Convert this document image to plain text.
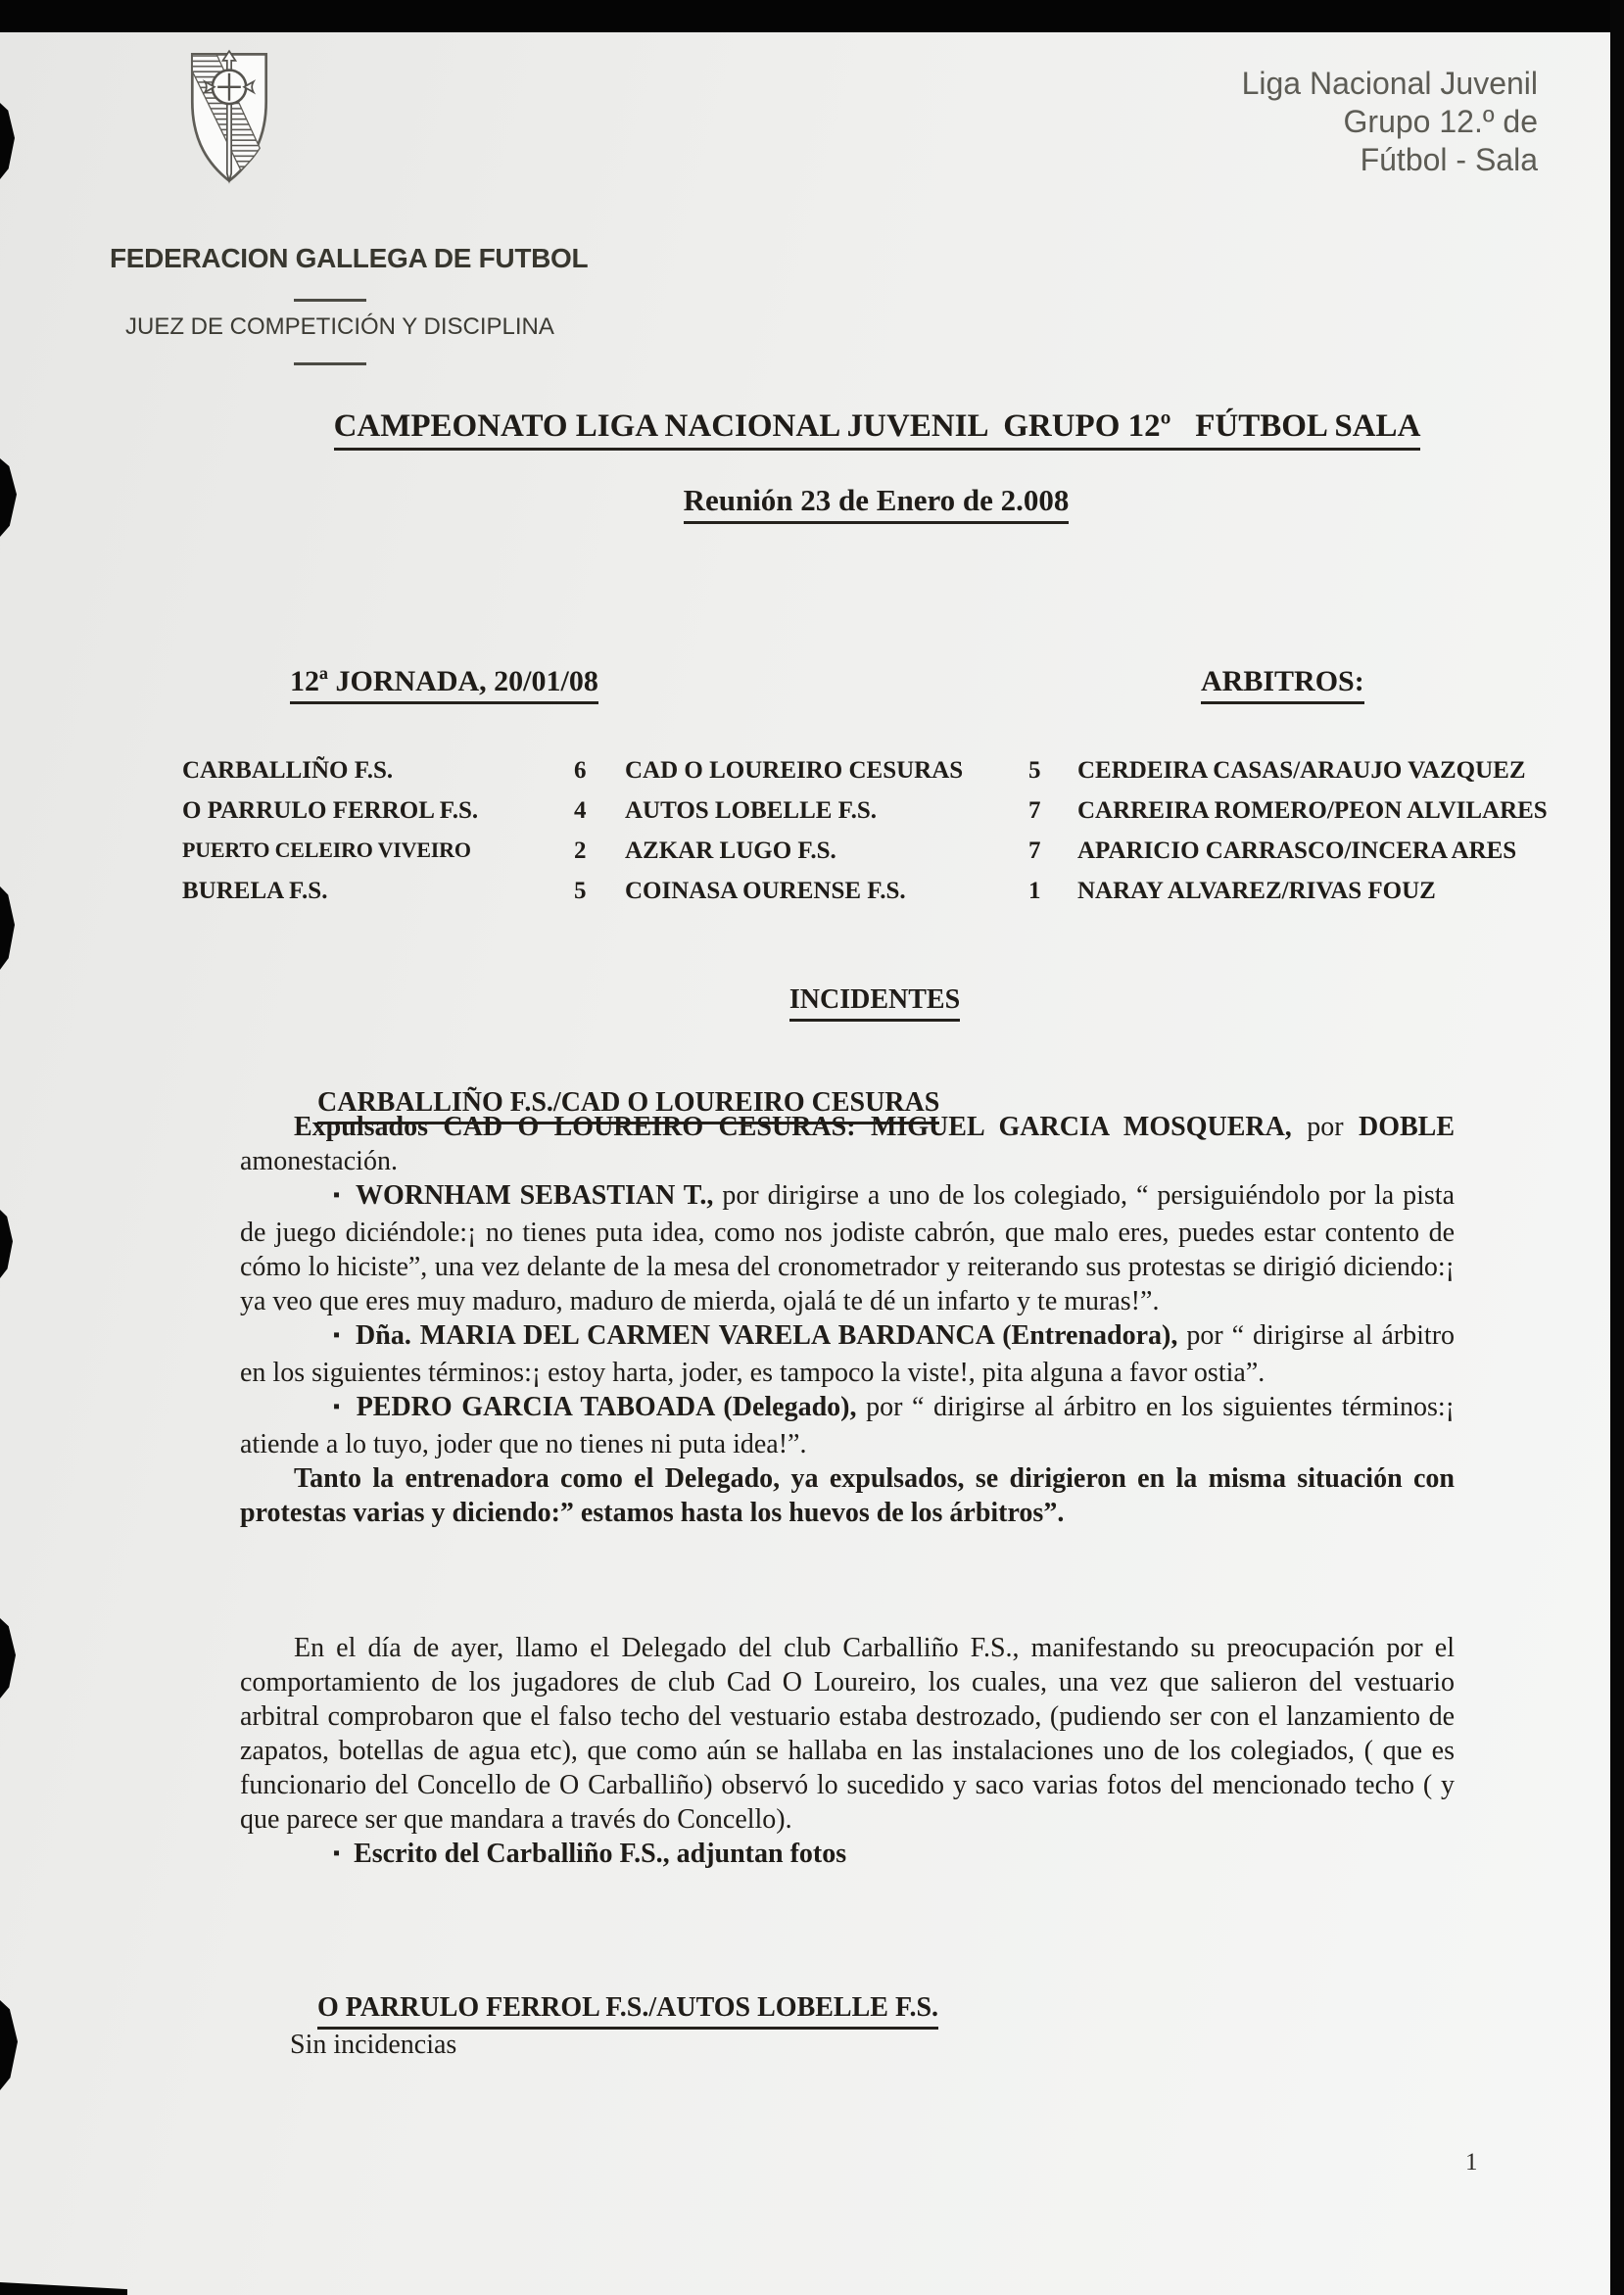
FEDERACION GALLEGA DE FUTBOL
JUEZ DE COMPETICIÓN Y DISCIPLINA
Liga Nacional Juvenil
Grupo 12.º de
Fútbol - Sala

CAMPEONATO LIGA NACIONAL JUVENIL  GRUPO 12º   FÚTBOL SALA

Reunión 23 de Enero de 2.008

12ª JORNADA, 20/01/08	ARBITROS:
CARBALLIÑO F.S.	6	CAD O LOUREIRO CESURAS	5	CERDEIRA CASAS/ARAUJO VAZQUEZ
O PARRULO FERROL F.S.	4	AUTOS LOBELLE F.S.	7	CARREIRA ROMERO/PEON ALVILARES
PUERTO CELEIRO VIVEIRO	2	AZKAR LUGO F.S.	7	APARICIO CARRASCO/INCERA ARES
BURELA F.S.	5	COINASA OURENSE F.S.	1	NARAY ALVAREZ/RIVAS FOUZ

INCIDENTES

CARBALLIÑO F.S./CAD O LOUREIRO CESURAS

Expulsados CAD O LOUREIRO CESURAS: MIGUEL GARCIA MOSQUERA, por DOBLE amonestación.

▪ WORNHAM SEBASTIAN T., por dirigirse a uno de los colegiado, “ persiguiéndolo por la pista de juego diciéndole:¡ no tienes puta idea, como nos jodiste cabrón, que malo eres, puedes estar contento de cómo lo hiciste”, una vez delante de la mesa del cronometrador y reiterando sus protestas se dirigió diciendo:¡ ya veo que eres muy maduro, maduro de mierda, ojalá te dé un infarto y te muras!”.

▪ Dña. MARIA DEL CARMEN VARELA BARDANCA (Entrenadora), por “ dirigirse al árbitro en los siguientes términos:¡ estoy harta, joder, es tampoco la viste!, pita alguna a favor ostia”.

▪ PEDRO GARCIA TABOADA (Delegado), por “ dirigirse al árbitro en los siguientes términos:¡ atiende a lo tuyo, joder que no tienes ni puta idea!”.

Tanto la entrenadora como el Delegado, ya expulsados, se dirigieron en la misma situación con protestas varias y diciendo:” estamos hasta los huevos de los árbitros”.

En el día de ayer, llamo el Delegado del club Carballiño F.S., manifestando su preocupación por el comportamiento de los jugadores de club Cad O Loureiro, los cuales, una vez que salieron del vestuario arbitral comprobaron que el falso techo del vestuario estaba destrozado, (pudiendo ser con el lanzamiento de zapatos, botellas de agua etc), que como aún se hallaba en las instalaciones uno de los colegiados, ( que es funcionario del Concello de O Carballiño) observó lo sucedido y saco varias fotos del mencionado techo ( y que parece ser que mandara a través do Concello).

▪ Escrito del Carballiño F.S., adjuntan fotos

O PARRULO FERROL F.S./AUTOS LOBELLE F.S.

Sin incidencias
1
